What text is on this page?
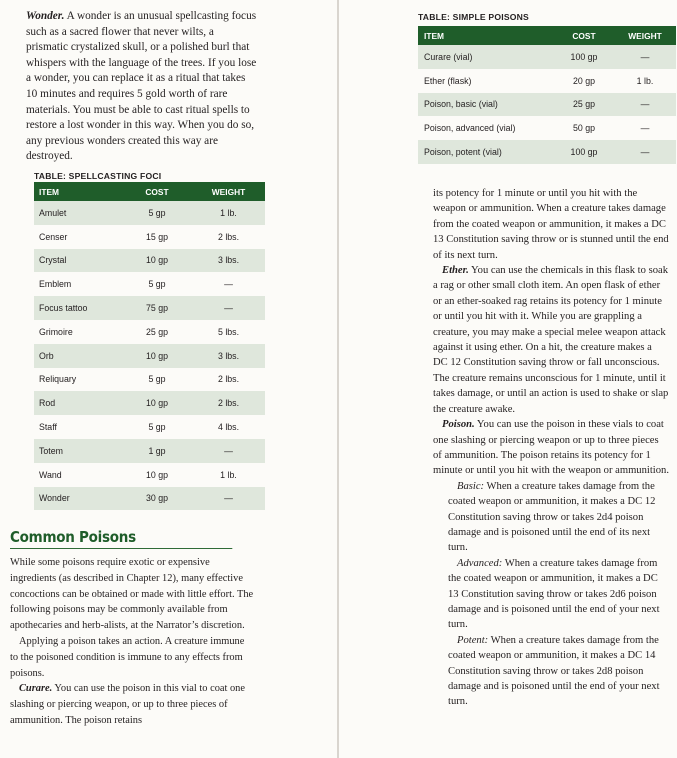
Wonder. A wonder is an unusual spellcasting focus such as a sacred flower that never wilts, a prismatic crystalized skull, or a polished burl that whispers with the language of the trees. If you lose a wonder, you can replace it as a ritual that takes 10 minutes and requires 5 gold worth of rare materials. You must be able to cast ritual spells to restore a lost wonder in this way. When you do so, any previous wonders created this way are destroyed.

TABLE: SPELLCASTING FOCI
ITEM	COST	WEIGHT
Amulet	5 gp	1 lb.
Censer	15 gp	2 lbs.
Crystal	10 gp	3 lbs.
Emblem	5 gp	—
Focus tattoo	75 gp	—
Grimoire	25 gp	5 lbs.
Orb	10 gp	3 lbs.
Reliquary	5 gp	2 lbs.
Rod	10 gp	2 lbs.
Staff	5 gp	4 lbs.
Totem	1 gp	—
Wand	10 gp	1 lb.
Wonder	30 gp	—
Common Poisons

While some poisons require exotic or expensive ingredients (as described in Chapter 12), many effective concoctions can be obtained or made with little effort. The following poisons may be commonly available from apothecaries and herb-alists, at the Narrator’s discretion.

Applying a poison takes an action. A creature immune to the poisoned condition is immune to any effects from poisons.

Curare. You can use the poison in this vial to coat one slashing or piercing weapon, or up to three pieces of ammunition. The poison retains

TABLE: SIMPLE POISONS
ITEM	COST	WEIGHT
Curare (vial)	100 gp	—
Ether (flask)	20 gp	1 lb.
Poison, basic (vial)	25 gp	—
Poison, advanced (vial)	50 gp	—
Poison, potent (vial)	100 gp	—

its potency for 1 minute or until you hit with the weapon or ammunition. When a creature takes damage from the coated weapon or ammunition, it makes a DC 13 Constitution saving throw or is stunned until the end of its next turn.

Ether. You can use the chemicals in this flask to soak a rag or other small cloth item. An open flask of ether or an ether-soaked rag retains its potency for 1 minute or until you hit with it. While you are grappling a creature, you may make a special melee weapon attack against it using ether. On a hit, the creature makes a DC 12 Constitution saving throw or fall unconscious. The creature remains unconscious for 1 minute, until it takes damage, or until an action is used to shake or slap the creature awake.

Poison. You can use the poison in these vials to coat one slashing or piercing weapon or up to three pieces of ammunition. The poison retains its potency for 1 minute or until you hit with the weapon or ammunition.

Basic: When a creature takes damage from the coated weapon or ammunition, it makes a DC 12 Constitution saving throw or takes 2d4 poison damage and is poisoned until the end of its next turn.

Advanced: When a creature takes damage from the coated weapon or ammunition, it makes a DC 13 Constitution saving throw or takes 2d6 poison damage and is poisoned until the end of your next turn.

Potent: When a creature takes damage from the coated weapon or ammunition, it makes a DC 14 Constitution saving throw or takes 2d8 poison damage and is poisoned until the end of your next turn.
